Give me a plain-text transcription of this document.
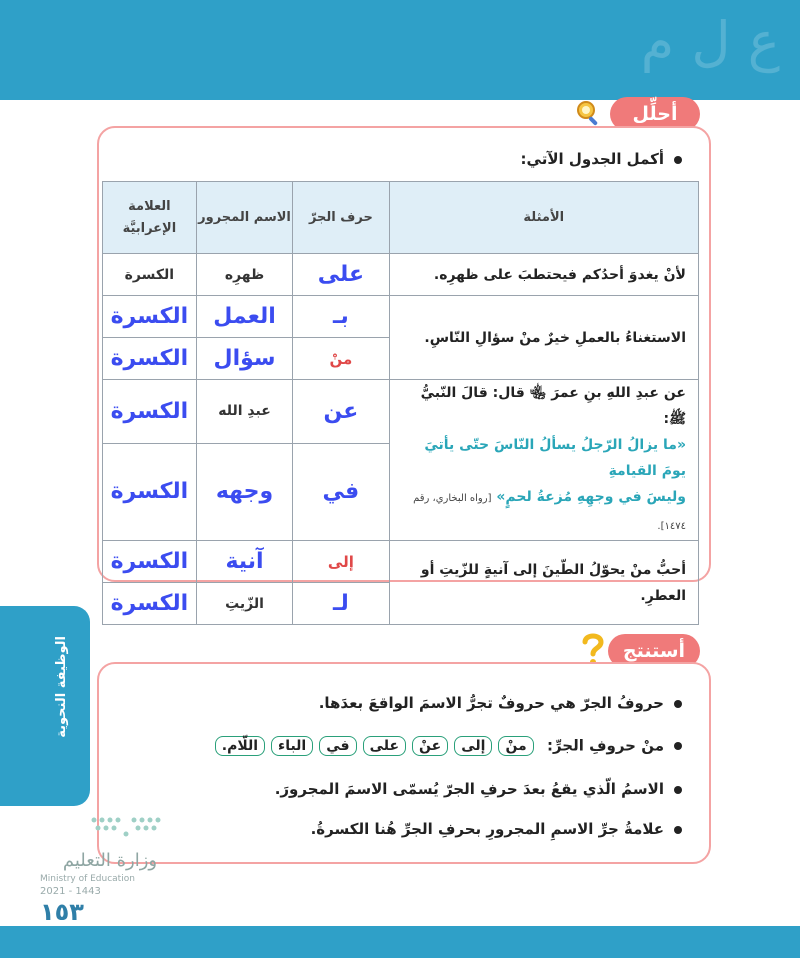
ع ل م
أحلِّل
أكمل الجدول الآتي:
الأمثلة	حرف الجرّ	الاسم المجرور	العلامة الإعرابيَّة
لأنْ يغدوَ أحدُكم فيحتطبَ على ظهرِه.	على	ظهرِه	الكسرة
الاستغناءُ بالعملِ خيرٌ منْ سؤالِ النّاسِ.	بـ	العمل	الكسرة
	منْ	سؤال	الكسرة

عن عبدِ اللهِ بنِ عمرَ ﵄ قال: قالَ النّبيُّ ﷺ:
«ما يزالُ الرّجلُ يسألُ النّاسَ حتّى يأتيَ يومَ القيامةِ
وليسَ في وجهِهِ مُزعةُ لحمٍ» [رواه البخاري، رقم ١٤٧٤].	عن	عبدِ الله	الكسرة
	في	وجهه	الكسرة
أحبُّ منْ يحوّلُ الطّينَ إلى آنيةٍ للزّيتِ أو العطرِ.	إلى	آنية	الكسرة
	لـ	الزّيتِ	الكسرة
الوظيفة النحوية	أستنتج
حروفُ الجرّ هي حروفٌ تجرُّ الاسمَ الواقعَ بعدَها.
منْ حروفِ الجرِّ:
منْ
إلى
عنْ
على
في
الباء
اللّام.
الاسمُ الّذي يقعُ بعدَ حرفِ الجرّ يُسمّى الاسمَ المجرورَ.
علامةُ جرِّ الاسمِ المجرورِ بحرفِ الجرِّ هُنا الكسرةُ.
وزارة التعليم
Ministry of Education
2021 - 1443
١٥٣
